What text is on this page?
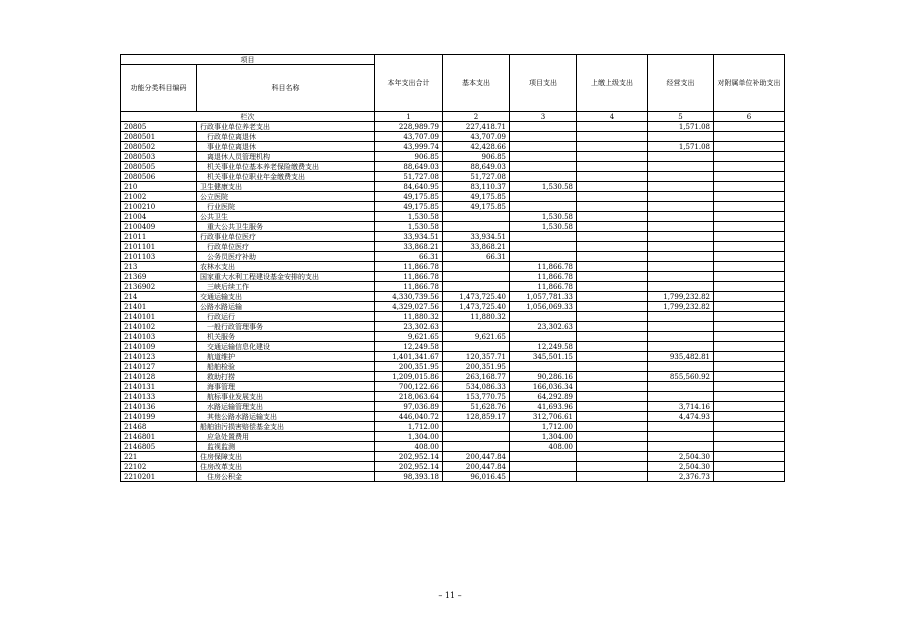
项目		本年支出合计	基本支出	项目支出	上缴上级支出	经营支出	对附属单位补助支出
功能分类科目编码	科目名称						
栏次		1	2	3	4	5	6
20805	行政事业单位养老支出	228,989.79	227,418.71			1,571.08	
2080501	行政单位离退休	43,707.09	43,707.09				
2080502	事业单位离退休	43,999.74	42,428.66			1,571.08	
2080503	离退休人员管理机构	906.85	906.85				
2080505	机关事业单位基本养老保险缴费支出	88,649.03	88,649.03				
2080506	机关事业单位职业年金缴费支出	51,727.08	51,727.08				
210	卫生健康支出	84,640.95	83,110.37	1,530.58			
21002	公立医院	49,175.85	49,175.85				
2100210	行业医院	49,175.85	49,175.85				
21004	公共卫生	1,530.58		1,530.58			
2100409	重大公共卫生服务	1,530.58		1,530.58			
21011	行政事业单位医疗	33,934.51	33,934.51				
2101101	行政单位医疗	33,868.21	33,868.21				
2101103	公务员医疗补助	66.31	66.31				
213	农林水支出	11,866.78		11,866.78			
21369	国家重大水利工程建设基金安排的支出	11,866.78		11,866.78			
2136902	三峡后续工作	11,866.78		11,866.78			
214	交通运输支出	4,330,739.56	1,473,725.40	1,057,781.33		1,799,232.82	
21401	公路水路运输	4,329,027.56	1,473,725.40	1,056,069.33		1,799,232.82	
2140101	行政运行	11,880.32	11,880.32				
2140102	一般行政管理事务	23,302.63		23,302.63			
2140103	机关服务	9,621.65	9,621.65				
2140109	交通运输信息化建设	12,249.58		12,249.58			
2140123	航道维护	1,401,341.67	120,357.71	345,501.15		935,482.81	
2140127	船舶检验	200,351.95	200,351.95				
2140128	救助打捞	1,209,015.86	263,168.77	90,286.16		855,560.92	
2140131	海事管理	700,122.66	534,086.33	166,036.34			
2140133	航标事业发展支出	218,063.64	153,770.75	64,292.89			
2140136	水路运输管理支出	97,036.89	51,628.76	41,693.96		3,714.16	
2140199	其他公路水路运输支出	446,040.72	128,859.17	312,706.61		4,474.93	
21468	船舶油污损害赔偿基金支出	1,712.00		1,712.00			
2146801	应急处置费用	1,304.00		1,304.00			
2146805	监视监测	408.00		408.00			
221	住房保障支出	202,952.14	200,447.84			2,504.30	
22102	住房改革支出	202,952.14	200,447.84			2,504.30	
2210201	住房公积金	98,393.18	96,016.45			2,376.73	
– 11 –
